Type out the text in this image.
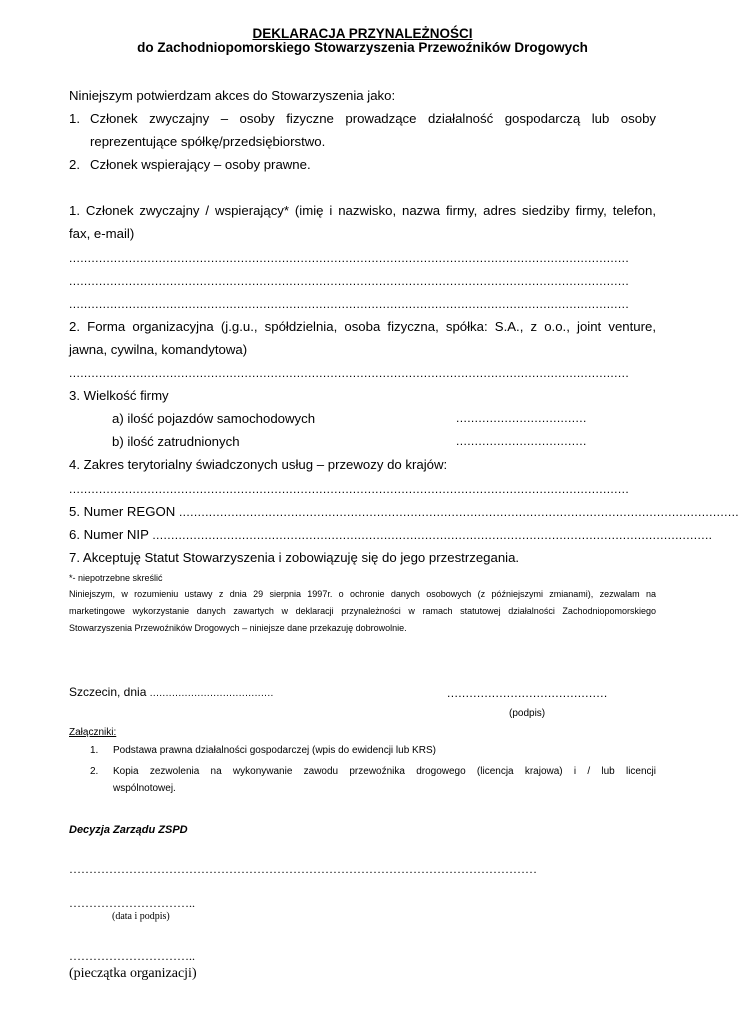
DEKLARACJA PRZYNALEŻNOŚCI
do Zachodniopomorskiego Stowarzyszenia Przewoźników Drogowych
Niniejszym potwierdzam akces do Stowarzyszenia jako:
1. Członek zwyczajny – osoby fizyczne prowadzące działalność gospodarczą lub osoby
reprezentujące spółkę/przedsiębiorstwo.
2. Członek wspierający – osoby prawne.
1. Członek zwyczajny / wspierający* (imię i nazwisko, nazwa firmy, adres siedziby firmy, telefon,
fax, e-mail)
......................................................................................................................................................
......................................................................................................................................................
......................................................................................................................................................
2. Forma organizacyjna (j.g.u., spółdzielnia, osoba fizyczna, spółka: S.A., z o.o., joint venture,
jawna, cywilna, komandytowa)
......................................................................................................................................................
3. Wielkość firmy
a) ilość pojazdów samochodowych	...................................
b) ilość zatrudnionych	...................................
4. Zakres terytorialny świadczonych usług – przewozy do krajów:
......................................................................................................................................................
5. Numer REGON ......................................................................................................................................................
6. Numer NIP ......................................................................................................................................................
7. Akceptuję Statut Stowarzyszenia i zobowiązuję się do jego przestrzegania.
*- niepotrzebne skreślić
Niniejszym, w rozumieniu ustawy z dnia 29 sierpnia 1997r. o ochronie danych osobowych (z późniejszymi zmianami), zezwalam na
marketingowe wykorzystanie danych zawartych w deklaracji przynależności w ramach statutowej działalności Zachodniopomorskiego
Stowarzyszenia Przewoźników Drogowych – niniejsze dane przekazuję dobrowolnie.
Szczecin, dnia .......................................	...........................................
(podpis)
Załączniki:
1. Podstawa prawna działalności gospodarczej (wpis do ewidencji lub KRS)
2. Kopia zezwolenia na wykonywanie zawodu przewoźnika drogowego (licencja krajowa) i / lub licencji
wspólnotowej.
Decyzja Zarządu ZSPD
………………………………………………………………………………………………………
…………………………..
(data i podpis)
…………………………..
(pieczątka organizacji)
